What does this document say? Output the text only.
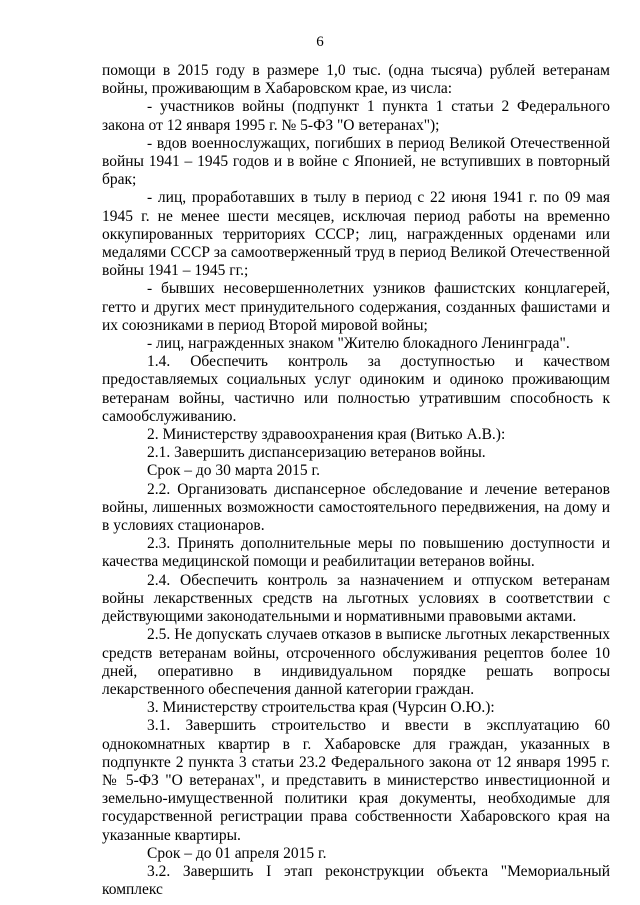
6

помощи в 2015 году в размере 1,0 тыс. (одна тысяча) рублей ветеранам войны, проживающим в Хабаровском крае, из числа:

- участников войны (подпункт 1 пункта 1 статьи 2 Федерального закона от 12 января 1995 г. № 5-ФЗ "О ветеранах");

- вдов военнослужащих, погибших в период Великой Отечественной войны 1941 – 1945 годов и в войне с Японией, не вступивших в повторный брак;

- лиц, проработавших в тылу в период с 22 июня 1941 г. по 09 мая 1945 г. не менее шести месяцев, исключая период работы на временно оккупированных территориях СССР; лиц, награжденных орденами или медалями СССР за самоотверженный труд в период Великой Отечественной войны 1941 – 1945 гг.;

- бывших несовершеннолетних узников фашистских концлагерей, гетто и других мест принудительного содержания, созданных фашистами и их союзниками в период Второй мировой войны;

- лиц, награжденных знаком "Жителю блокадного Ленинграда".

1.4. Обеспечить контроль за доступностью и качеством предоставляемых социальных услуг одиноким и одиноко проживающим ветеранам войны, частично или полностью утратившим способность к самообслуживанию.

2. Министерству здравоохранения края (Витько А.В.):

2.1. Завершить диспансеризацию ветеранов войны.

Срок – до 30 марта 2015 г.

2.2. Организовать диспансерное обследование и лечение ветеранов войны, лишенных возможности самостоятельного передвижения, на дому и в условиях стационаров.

2.3. Принять дополнительные меры по повышению доступности и качества медицинской помощи и реабилитации ветеранов войны.

2.4. Обеспечить контроль за назначением и отпуском ветеранам войны лекарственных средств на льготных условиях в соответствии с действующими законодательными и нормативными правовыми актами.

2.5. Не допускать случаев отказов в выписке льготных лекарственных средств ветеранам войны, отсроченного обслуживания рецептов более 10 дней, оперативно в индивидуальном порядке решать вопросы лекарственного обеспечения данной категории граждан.

3. Министерству строительства края (Чурсин О.Ю.):

3.1. Завершить строительство и ввести в эксплуатацию 60 однокомнатных квартир в г. Хабаровске для граждан, указанных в подпункте 2 пункта 3 статьи 23.2 Федерального закона от 12 января 1995 г. № 5-ФЗ "О ветеранах", и представить в министерство инвестиционной и земельно-имущественной политики края документы, необходимые для государственной регистрации права собственности Хабаровского края на указанные квартиры.

Срок – до 01 апреля 2015 г.

3.2. Завершить I этап реконструкции объекта "Мемориальный комплекс
